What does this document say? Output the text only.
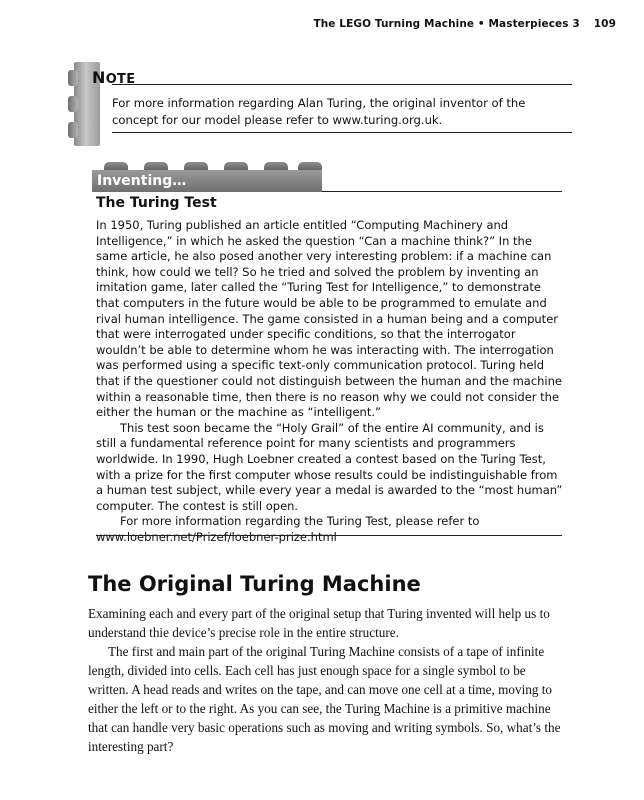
The LEGO Turning Machine • Masterpieces 3 109
NOTE
For more information regarding Alan Turing, the original inventor of the concept for our model please refer to www.turing.org.uk.
Inventing…
The Turing Test

In 1950, Turing published an article entitled “Computing Machinery and Intelligence,” in which he asked the question “Can a machine think?” In the same article, he also posed another very interesting problem: if a machine can think, how could we tell? So he tried and solved the problem by inventing an imitation game, later called the “Turing Test for Intelligence,” to demonstrate that computers in the future would be able to be programmed to emulate and rival human intelligence. The game consisted in a human being and a computer that were interrogated under specific conditions, so that the interrogator wouldn’t be able to determine whom he was interacting with. The interrogation was performed using a specific text-only communication protocol. Turing held that if the questioner could not distinguish between the human and the machine within a reasonable time, then there is no reason why we could not consider the either the human or the machine as “intelligent.”

This test soon became the “Holy Grail” of the entire AI community, and is still a fundamental reference point for many scientists and programmers worldwide. In 1990, Hugh Loebner created a contest based on the Turing Test, with a prize for the first computer whose results could be indistinguishable from a human test subject, while every year a medal is awarded to the “most human” computer. The contest is still open.

For more information regarding the Turing Test, please refer to www.loebner.net/Prizef/loebner-prize.html

The Original Turing Machine

Examining each and every part of the original setup that Turing invented will help us to understand thie device’s precise role in the entire structure.

The first and main part of the original Turing Machine consists of a tape of infinite length, divided into cells. Each cell has just enough space for a single symbol to be written. A head reads and writes on the tape, and can move one cell at a time, moving to either the left or to the right. As you can see, the Turing Machine is a primitive machine that can handle very basic operations such as moving and writing symbols. So, what’s the interesting part?
